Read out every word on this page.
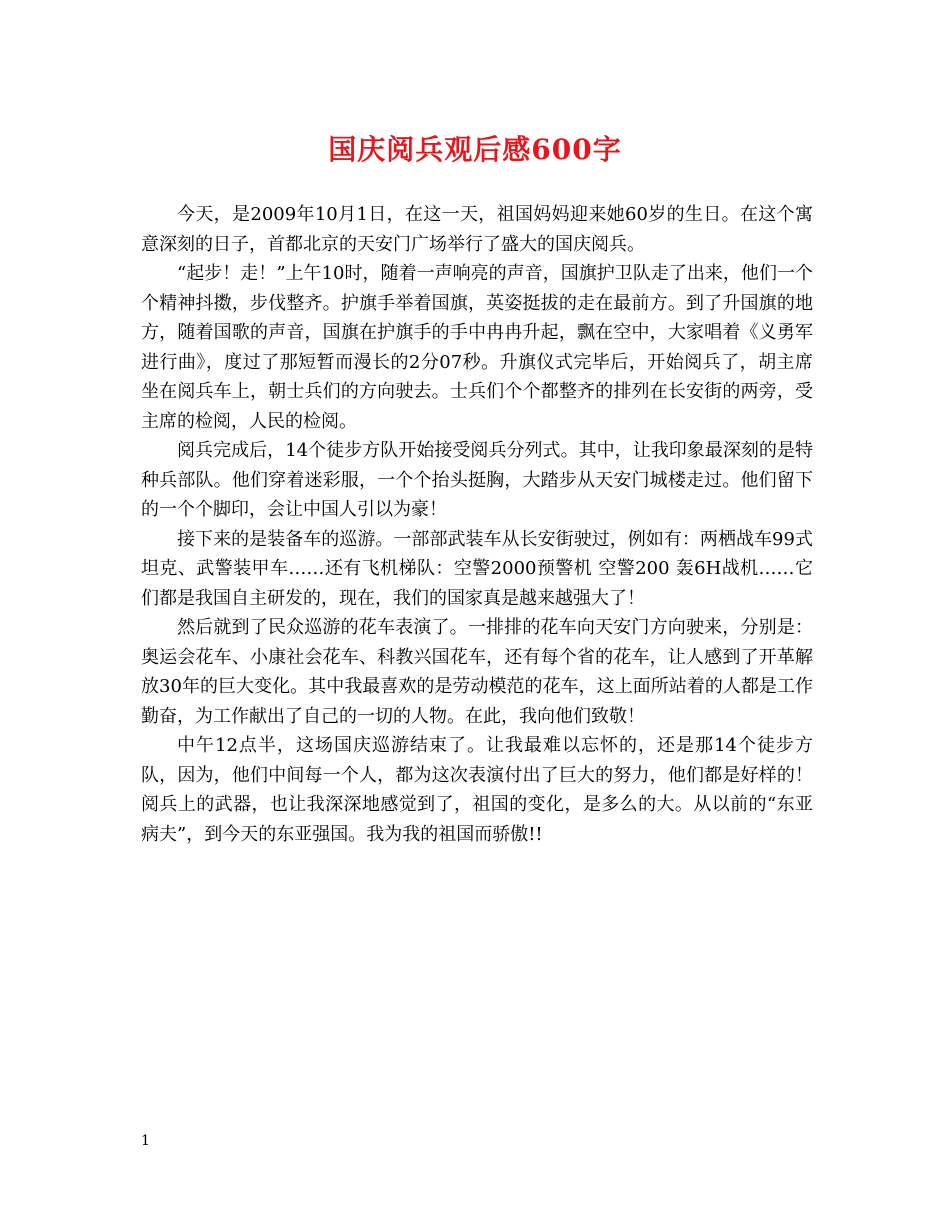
国庆阅兵观后感600字

今天，是2009年10月1日，在这一天，祖国妈妈迎来她60岁的生日。在这个寓意深刻的日子，首都北京的天安门广场举行了盛大的国庆阅兵。

“起步！走！”上午10时，随着一声响亮的声音，国旗护卫队走了出来，他们一个个精神抖擞，步伐整齐。护旗手举着国旗，英姿挺拔的走在最前方。到了升国旗的地方，随着国歌的声音，国旗在护旗手的手中冉冉升起，飘在空中，大家唱着《义勇军进行曲》，度过了那短暂而漫长的2分07秒。升旗仪式完毕后，开始阅兵了，胡主席坐在阅兵车上，朝士兵们的方向驶去。士兵们个个都整齐的排列在长安街的两旁，受主席的检阅，人民的检阅。

阅兵完成后，14个徒步方队开始接受阅兵分列式。其中，让我印象最深刻的是特种兵部队。他们穿着迷彩服，一个个抬头挺胸，大踏步从天安门城楼走过。他们留下的一个个脚印，会让中国人引以为豪！

接下来的是装备车的巡游。一部部武装车从长安街驶过，例如有：两栖战车99式坦克、武警装甲车……还有飞机梯队：空警2000预警机 空警200 轰6H战机……它们都是我国自主研发的，现在，我们的国家真是越来越强大了！

然后就到了民众巡游的花车表演了。一排排的花车向天安门方向驶来，分别是：奥运会花车、小康社会花车、科教兴国花车，还有每个省的花车，让人感到了开革解放30年的巨大变化。其中我最喜欢的是劳动模范的花车，这上面所站着的人都是工作勤奋，为工作献出了自己的一切的人物。在此，我向他们致敬！

中午12点半，这场国庆巡游结束了。让我最难以忘怀的，还是那14个徒步方队，因为，他们中间每一个人，都为这次表演付出了巨大的努力，他们都是好样的！阅兵上的武器，也让我深深地感觉到了，祖国的变化，是多么的大。从以前的“东亚病夫”，到今天的东亚强国。我为我的祖国而骄傲!!

1
